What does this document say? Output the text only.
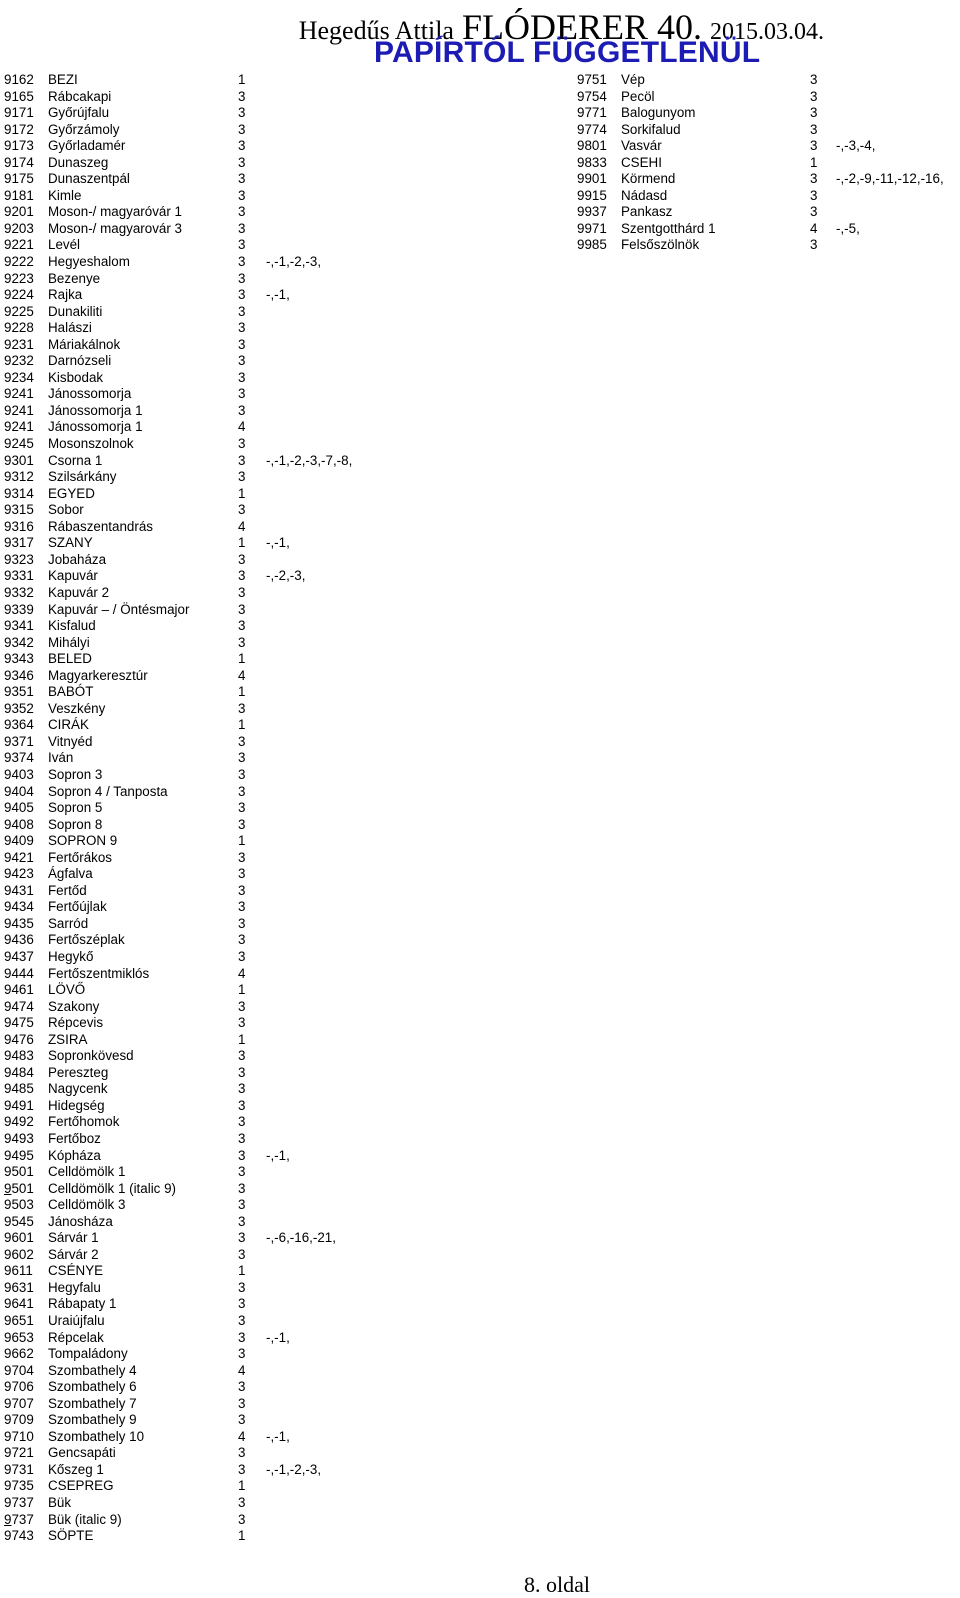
Hegedűs Attila FLÓDERER 40. 2015.03.04.
PAPÍRTÓL FÜGGETLENÜL
9162 BEZI	1
9165 Rábcakapi	3
9171 Győrújfalu	3
9172 Győrzámoly	3
9173 Győrladamér	3
9174 Dunaszeg	3
9175 Dunaszentpál	3
9181 Kimle	3
9201 Moson-/ magyaróvár 1	3
9203 Moson-/ magyarovár 3	3
9221 Levél	3
9222 Hegyeshalom	3 -,-1,-2,-3,
9223 Bezenye	3
9224 Rajka	3 -,-1,
9225 Dunakiliti	3
9228 Halászi	3
9231 Máriakálnok	3
9232 Darnózseli	3
9234 Kisbodak	3
9241 Jánossomorja	3
9241 Jánossomorja 1	3
9241 Jánossomorja 1	4
9245 Mosonszolnok	3
9301 Csorna 1	3 -,-1,-2,-3,-7,-8,
9312 Szilsárkány	3
9314 EGYED	1
9315 Sobor	3
9316 Rábaszentandrás	4
9317 SZANY	1 -,-1,
9323 Jobaháza	3
9331 Kapuvár	3 -,-2,-3,
9332 Kapuvár 2	3
9339 Kapuvár – / Öntésmajor	3
9341 Kisfalud	3
9342 Mihályi	3
9343 BELED	1
9346 Magyarkeresztúr	4
9351 BABÓT	1
9352 Veszkény	3
9364 CIRÁK	1
9371 Vitnyéd	3
9374 Iván	3
9403 Sopron 3	3
9404 Sopron 4 / Tanposta	3
9405 Sopron 5	3
9408 Sopron 8	3
9409 SOPRON 9	1
9421 Fertőrákos	3
9423 Ágfalva	3
9431 Fertőd	3
9434 Fertőújlak	3
9435 Sarród	3
9436 Fertőszéplak	3
9437 Hegykő	3
9444 Fertőszentmiklós	4
9461 LÖVŐ	1
9474 Szakony	3
9475 Répcevis	3
9476 ZSIRA	1
9483 Sopronkövesd	3
9484 Pereszteg	3
9485 Nagycenk	3
9491 Hidegség	3
9492 Fertőhomok	3
9493 Fertőboz	3
9495 Kópháza	3 -,-1,
9501 Celldömölk 1	3
9501 Celldömölk 1 (italic 9)	3
9503 Celldömölk 3	3
9545 Jánosháza	3
9601 Sárvár 1	3 -,-6,-16,-21,
9602 Sárvár 2	3
9611 CSÉNYE	1
9631 Hegyfalu	3
9641 Rábapaty 1	3
9651 Uraiújfalu	3
9653 Répcelak	3 -,-1,
9662 Tompaládony	3
9704 Szombathely 4	4
9706 Szombathely 6	3
9707 Szombathely 7	3
9709 Szombathely 9	3
9710 Szombathely 10	4 -,-1,
9721 Gencsapáti	3
9731 Kőszeg 1	3 -,-1,-2,-3,
9735 CSEPREG	1
9737 Bük	3
9737 Bük (italic 9)	3
9743 SÖPTE	1
9751 Vép	3
9754 Pecöl	3
9771 Balogunyom	3
9774 Sorkifalud	3
9801 Vasvár	3 -,-3,-4,
9833 CSEHI	1
9901 Körmend	3 -,-2,-9,-11,-12,-16,
9915 Nádasd	3
9937 Pankasz	3
9971 Szentgotthárd 1	4 -,-5,
9985 Felsőszölnök	3
8. oldal
